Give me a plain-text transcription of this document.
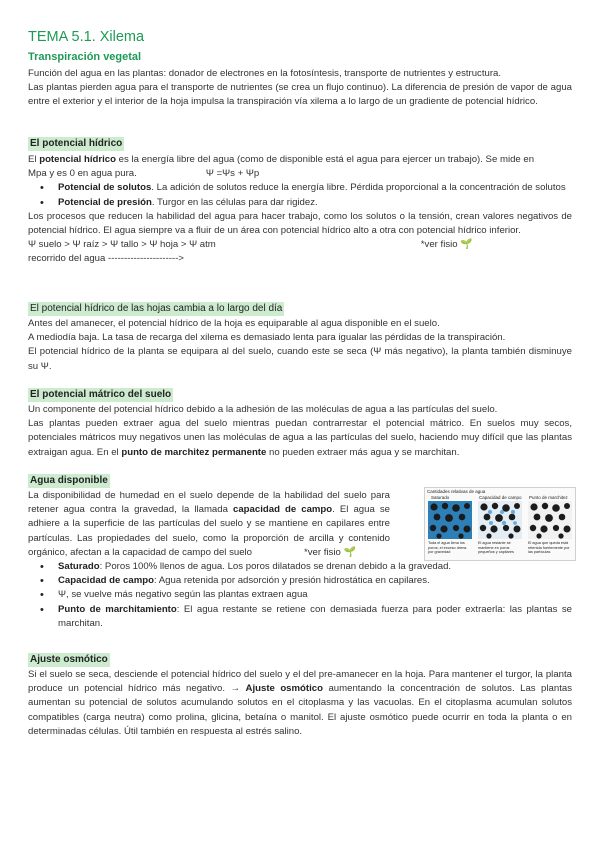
TEMA 5.1. Xilema
Transpiración vegetal

Función del agua en las plantas: donador de electrones en la fotosíntesis, transporte de nutrientes y estructura.

Las plantas pierden agua para el transporte de nutrientes (se crea un flujo continuo). La diferencia de presión de vapor de agua entre el exterior y el interior de la hoja impulsa la transpiración vía xilema a lo largo de un gradiente de potencial hídrico.

El potencial hídrico

El potencial hídrico es la energía libre del agua (como de disponible está el agua para ejercer un trabajo). Se mide en

Mpa y es 0 en agua pura.	Ψ =Ψs + Ψp

• Potencial de solutos. La adición de solutos reduce la energía libre. Pérdida proporcional a la concentración de solutos
• Potencial de presión. Turgor en las células para dar rigidez.

Los procesos que reducen la habilidad del agua para hacer trabajo, como los solutos o la tensión, crean valores negativos de potencial hídrico. El agua siempre va a fluir de un área con potencial hídrico alto a otra con potencial hídrico inferior.

Ψ suelo > Ψ raíz > Ψ tallo > Ψ hoja > Ψ atm	*ver fisio 🌱

recorrido del agua ---------------------->

El potencial hídrico de las hojas cambia a lo largo del día

Antes del amanecer, el potencial hídrico de la hoja es equiparable al agua disponible en el suelo.

A mediodía baja. La tasa de recarga del xilema es demasiado lenta para igualar las pérdidas de la transpiración.

El potencial hídrico de la planta se equipara al del suelo, cuando este se seca (Ψ más negativo), la planta también disminuye su Ψ.

El potencial mátrico del suelo

Un componente del potencial hídrico debido a la adhesión de las moléculas de agua a las partículas del suelo.

Las plantas pueden extraer agua del suelo mientras puedan contrarrestar el potencial mátrico. En suelos muy secos, potenciales mátricos muy negativos unen las moléculas de agua a las partículas del suelo, haciendo muy difícil que las plantas extraigan agua. En el punto de marchitez permanente no pueden extraer más agua y se marchitan.

Agua disponible

La disponibilidad de humedad en el suelo depende de la habilidad del suelo para retener agua contra la gravedad, la llamada capacidad de campo. El agua se adhiere a la superficie de las partículas del suelo y se mantiene en capilares entre partículas. Las propiedades del suelo, como la proporción de arcilla y contenido orgánico, afectan a la capacidad de campo del suelo	*ver fisio 🌱

Cantidades relativas de agua
Saturado	Capacidad de campo Punto de marchitez
Toda el agua llena los poros; el exceso drena por gravedad
El agua restante se mantiene en poros pequeños y capilares
El agua que queda está retenida fuertemente por las partículas
• Saturado: Poros 100% llenos de agua. Los poros dilatados se drenan debido a la gravedad.
• Capacidad de campo: Agua retenida por adsorción y presión hidrostática en capilares.
• Ψ, se vuelve más negativo según las plantas extraen agua
• Punto de marchitamiento: El agua restante se retiene con demasiada fuerza para poder extraerla: las plantas se marchitan.
Ajuste osmótico

Si el suelo se seca, desciende el potencial hídrico del suelo y el del pre-amanecer en la hoja. Para mantener el turgor, la planta produce un potencial hídrico más negativo. → Ajuste osmótico aumentando la concentración de solutos. Las plantas aumentan su potencial de solutos acumulando solutos en el citoplasma y las vacuolas. En el citoplasma acumulan solutos compatibles (carga neutra) como prolina, glicina, betaína o manitol. El ajuste osmótico puede ocurrir en toda la planta o en determinadas células. Útil también en respuesta al estrés salino.
